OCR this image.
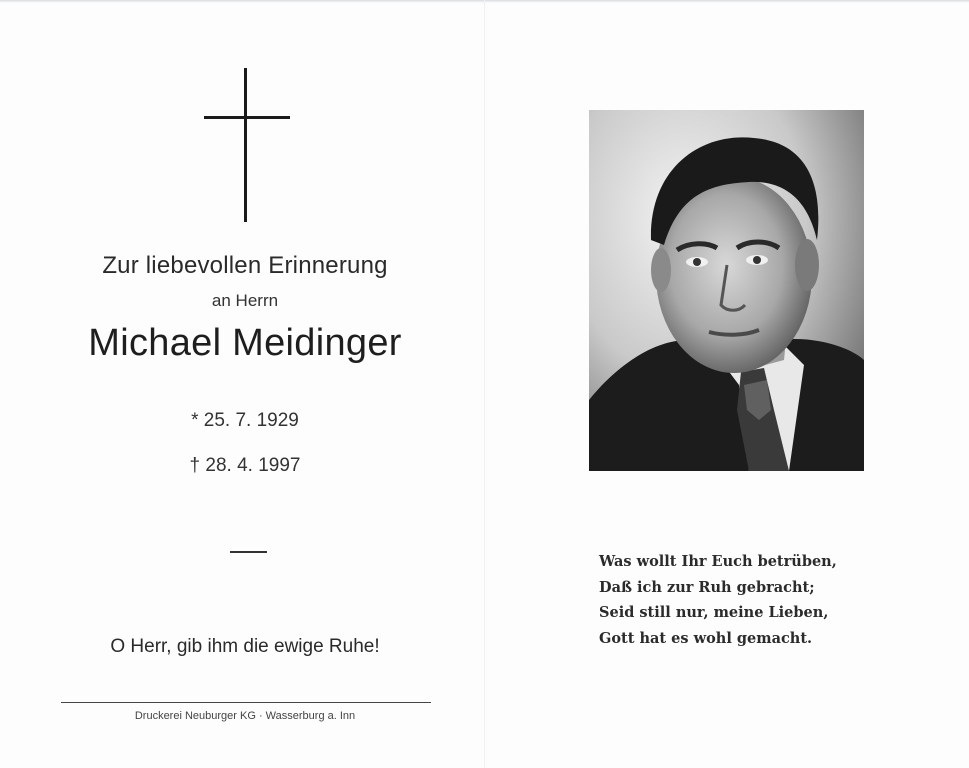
Zur liebevollen Erinnerung
an Herrn
Michael Meidinger
* 25. 7. 1929
† 28. 4. 1997
O Herr, gib ihm die ewige Ruhe!
Druckerei Neuburger KG · Wasserburg a. Inn
Was wollt Ihr Euch betrüben,
Daß ich zur Ruh gebracht;
Seid still nur, meine Lieben,
Gott hat es wohl gemacht.
